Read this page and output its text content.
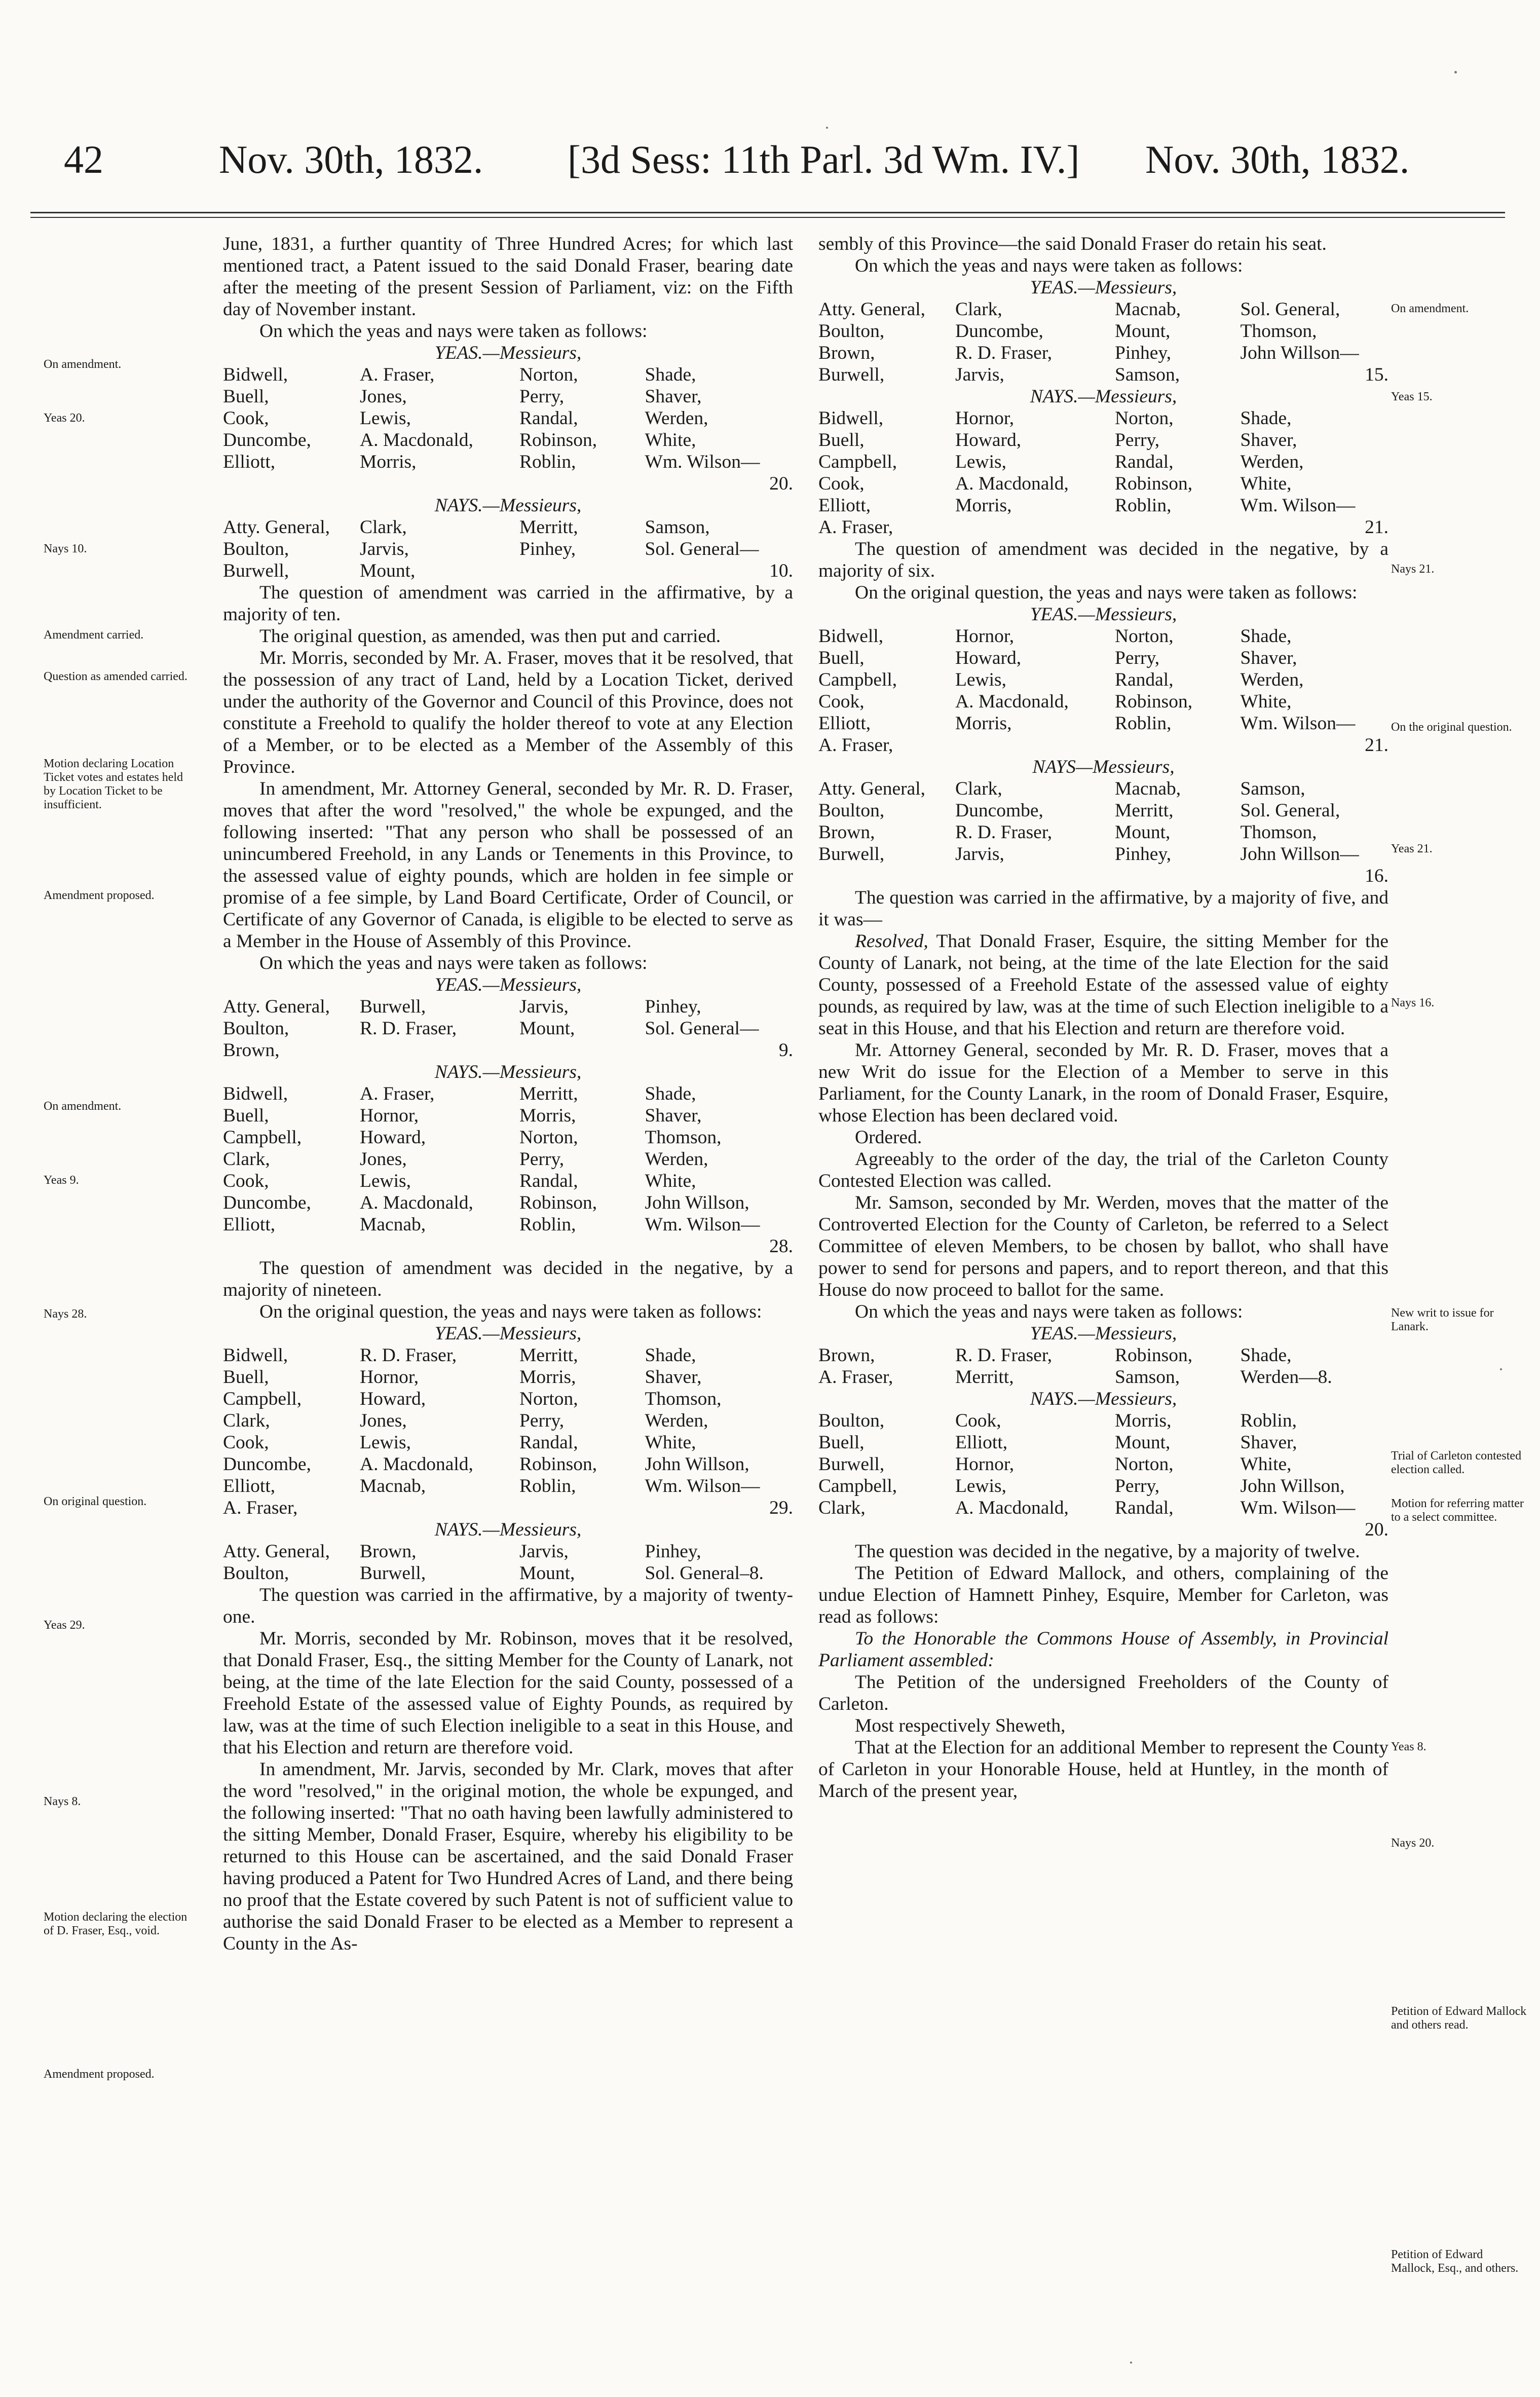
42	Nov. 30th, 1832. [3d Sess: 11th Parl. 3d Wm. IV.] Nov. 30th, 1832.

June, 1831, a further quantity of Three Hundred Acres; for which last mentioned tract, a Patent issued to the said Donald Fraser, bearing date after the meeting of the present Session of Parliament, viz: on the Fifth day of November instant.

On which the yeas and nays were taken as follows:

YEAS.—Messieurs,

Bidwell,	A. Fraser,	Norton,	Shade,
Buell,	Jones,	Perry,	Shaver,
Cook,	Lewis,	Randal,	Werden,
Duncombe,	A. Macdonald,	Robinson,	White,
Elliott,	Morris,	Roblin,	Wm. Wilson—
20.

NAYS.—Messieurs,

Atty. General,	Clark,	Merritt,	Samson,
Boulton,	Jarvis,	Pinhey,	Sol. General—
Burwell,	Mount,			10.

The question of amendment was carried in the affirmative, by a majority of ten.

The original question, as amended, was then put and carried.

Mr. Morris, seconded by Mr. A. Fraser, moves that it be resolved, that the possession of any tract of Land, held by a Location Ticket, derived under the authority of the Governor and Council of this Province, does not constitute a Freehold to qualify the holder thereof to vote at any Election of a Member, or to be elected as a Member of the Assembly of this Province.

In amendment, Mr. Attorney General, seconded by Mr. R. D. Fraser, moves that after the word "resolved," the whole be expunged, and the following inserted: "That any person who shall be possessed of an unincumbered Freehold, in any Lands or Tenements in this Province, to the assessed value of eighty pounds, which are holden in fee simple or promise of a fee simple, by Land Board Certificate, Order of Council, or Certificate of any Governor of Canada, is eligible to be elected to serve as a Member in the House of Assembly of this Province.

On which the yeas and nays were taken as follows:

YEAS.—Messieurs,

Atty. General,	Burwell,	Jarvis,	Pinhey,
Boulton,	R. D. Fraser,	Mount,	Sol. General—
Brown,				9.

NAYS.—Messieurs,

Bidwell,	A. Fraser,	Merritt,	Shade,
Buell,	Hornor,	Morris,	Shaver,
Campbell,	Howard,	Norton,	Thomson,
Clark,	Jones,	Perry,	Werden,
Cook,	Lewis,	Randal,	White,
Duncombe,	A. Macdonald,	Robinson,	John Willson,
Elliott,	Macnab,	Roblin,	Wm. Wilson—
28.

The question of amendment was decided in the negative, by a majority of nineteen.

On the original question, the yeas and nays were taken as follows:

YEAS.—Messieurs,

Bidwell,	R. D. Fraser,	Merritt,	Shade,
Buell,	Hornor,	Morris,	Shaver,
Campbell,	Howard,	Norton,	Thomson,
Clark,	Jones,	Perry,	Werden,
Cook,	Lewis,	Randal,	White,
Duncombe,	A. Macdonald,	Robinson,	John Willson,
Elliott,	Macnab,	Roblin,	Wm. Wilson—
A. Fraser,				29.

NAYS.—Messieurs,

Atty. General,	Brown,	Jarvis,	Pinhey,
Boulton,	Burwell,	Mount,	Sol. General–8.

The question was carried in the affirmative, by a majority of twenty-one.

Mr. Morris, seconded by Mr. Robinson, moves that it be resolved, that Donald Fraser, Esq., the sitting Member for the County of Lanark, not being, at the time of the late Election for the said County, possessed of a Freehold Estate of the assessed value of Eighty Pounds, as required by law, was at the time of such Election ineligible to a seat in this House, and that his Election and return are therefore void.

In amendment, Mr. Jarvis, seconded by Mr. Clark, moves that after the word "resolved," in the original motion, the whole be expunged, and the following inserted: "That no oath having been lawfully administered to the sitting Member, Donald Fraser, Esquire, whereby his eligibility to be returned to this House can be ascertained, and the said Donald Fraser having produced a Patent for Two Hundred Acres of Land, and there being no proof that the Estate covered by such Patent is not of sufficient value to authorise the said Donald Fraser to be elected as a Member to represent a County in the As-

sembly of this Province—the said Donald Fraser do retain his seat.

On which the yeas and nays were taken as follows:

YEAS.—Messieurs,

Atty. General,	Clark,	Macnab,	Sol. General,
Boulton,	Duncombe,	Mount,	Thomson,
Brown,	R. D. Fraser,	Pinhey,	John Willson—
Burwell,	Jarvis,	Samson,		15.

NAYS.—Messieurs,

Bidwell,	Hornor,	Norton,	Shade,
Buell,	Howard,	Perry,	Shaver,
Campbell,	Lewis,	Randal,	Werden,
Cook,	A. Macdonald,	Robinson,	White,
Elliott,	Morris,	Roblin,	Wm. Wilson—
A. Fraser,				21.

The question of amendment was decided in the negative, by a majority of six.

On the original question, the yeas and nays were taken as follows:

YEAS.—Messieurs,

Bidwell,	Hornor,	Norton,	Shade,
Buell,	Howard,	Perry,	Shaver,
Campbell,	Lewis,	Randal,	Werden,
Cook,	A. Macdonald,	Robinson,	White,
Elliott,	Morris,	Roblin,	Wm. Wilson—
A. Fraser,				21.

NAYS—Messieurs,

Atty. General,	Clark,	Macnab,	Samson,
Boulton,	Duncombe,	Merritt,	Sol. General,
Brown,	R. D. Fraser,	Mount,	Thomson,
Burwell,	Jarvis,	Pinhey,	John Willson—
16.

The question was carried in the affirmative, by a majority of five, and it was—

Resolved, That Donald Fraser, Esquire, the sitting Member for the County of Lanark, not being, at the time of the late Election for the said County, possessed of a Freehold Estate of the assessed value of eighty pounds, as required by law, was at the time of such Election ineligible to a seat in this House, and that his Election and return are therefore void.

Mr. Attorney General, seconded by Mr. R. D. Fraser, moves that a new Writ do issue for the Election of a Member to serve in this Parliament, for the County Lanark, in the room of Donald Fraser, Esquire, whose Election has been declared void.

Ordered.

Agreeably to the order of the day, the trial of the Carleton County Contested Election was called.

Mr. Samson, seconded by Mr. Werden, moves that the matter of the Controverted Election for the County of Carleton, be referred to a Select Committee of eleven Members, to be chosen by ballot, who shall have power to send for persons and papers, and to report thereon, and that this House do now proceed to ballot for the same.

On which the yeas and nays were taken as follows:

YEAS.—Messieurs,

Brown,	R. D. Fraser,	Robinson,	Shade,
A. Fraser,	Merritt,	Samson,	Werden—8.

NAYS.—Messieurs,

Boulton,	Cook,	Morris,	Roblin,
Buell,	Elliott,	Mount,	Shaver,
Burwell,	Hornor,	Norton,	White,
Campbell,	Lewis,	Perry,	John Willson,
Clark,	A. Macdonald,	Randal,	Wm. Wilson—
20.

The question was decided in the negative, by a majority of twelve.

The Petition of Edward Mallock, and others, complaining of the undue Election of Hamnett Pinhey, Esquire, Member for Carleton, was read as follows:

To the Honorable the Commons House of Assembly, in Provincial Parliament assembled:

The Petition of the undersigned Freeholders of the County of Carleton.

Most respectively Sheweth,

That at the Election for an additional Member to represent the County of Carleton in your Honorable House, held at Huntley, in the month of March of the present year,

On amendment.
Yeas 20.
Nays 10.
Amendment carried.
Question as amended carried.
Motion declaring Location Ticket votes and estates held by Location Ticket to be insufficient.
Amendment proposed.
On amendment.
Yeas 9.
Nays 28.
On original question.
Yeas 29.
Nays 8.
Motion declaring the election of D. Fraser, Esq., void.
Amendment proposed.
On amendment.
Yeas 15.
Nays 21.
On the original question.
Yeas 21.
Nays 16.
New writ to issue for Lanark.
Trial of Carleton contested election called.
Motion for referring matter to a select committee.
Yeas 8.
Nays 20.
Petition of Edward Mallock and others read.
Petition of Edward Mallock, Esq., and others.
